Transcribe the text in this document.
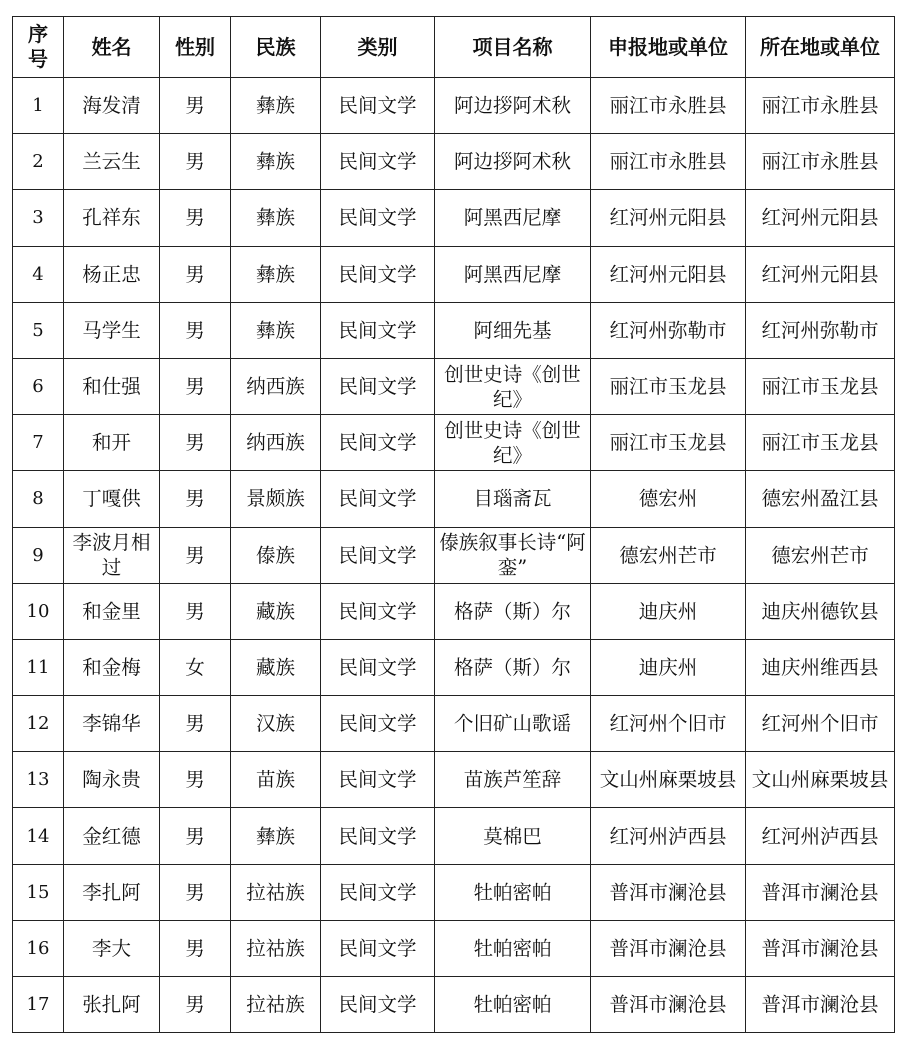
序号	姓名	性别	民族	类别	项目名称	申报地或单位	所在地或单位
1	海发清	男	彝族	民间文学	阿边拶阿术秋	丽江市永胜县	丽江市永胜县
2	兰云生	男	彝族	民间文学	阿边拶阿术秋	丽江市永胜县	丽江市永胜县
3	孔祥东	男	彝族	民间文学	阿黑西尼摩	红河州元阳县	红河州元阳县
4	杨正忠	男	彝族	民间文学	阿黑西尼摩	红河州元阳县	红河州元阳县
5	马学生	男	彝族	民间文学	阿细先基	红河州弥勒市	红河州弥勒市
6	和仕强	男	纳西族	民间文学	创世史诗《创世纪》	丽江市玉龙县	丽江市玉龙县
7	和开	男	纳西族	民间文学	创世史诗《创世纪》	丽江市玉龙县	丽江市玉龙县
8	丁嘎供	男	景颇族	民间文学	目瑙斋瓦	德宏州	德宏州盈江县
9	李波月相过	男	傣族	民间文学	傣族叙事长诗“阿銮”	德宏州芒市	德宏州芒市
10	和金里	男	藏族	民间文学	格萨（斯）尔	迪庆州	迪庆州德钦县
11	和金梅	女	藏族	民间文学	格萨（斯）尔	迪庆州	迪庆州维西县
12	李锦华	男	汉族	民间文学	个旧矿山歌谣	红河州个旧市	红河州个旧市
13	陶永贵	男	苗族	民间文学	苗族芦笙辞	文山州麻栗坡县	文山州麻栗坡县
14	金红德	男	彝族	民间文学	莫棉巴	红河州泸西县	红河州泸西县
15	李扎阿	男	拉祜族	民间文学	牡帕密帕	普洱市澜沧县	普洱市澜沧县
16	李大	男	拉祜族	民间文学	牡帕密帕	普洱市澜沧县	普洱市澜沧县
17	张扎阿	男	拉祜族	民间文学	牡帕密帕	普洱市澜沧县	普洱市澜沧县
